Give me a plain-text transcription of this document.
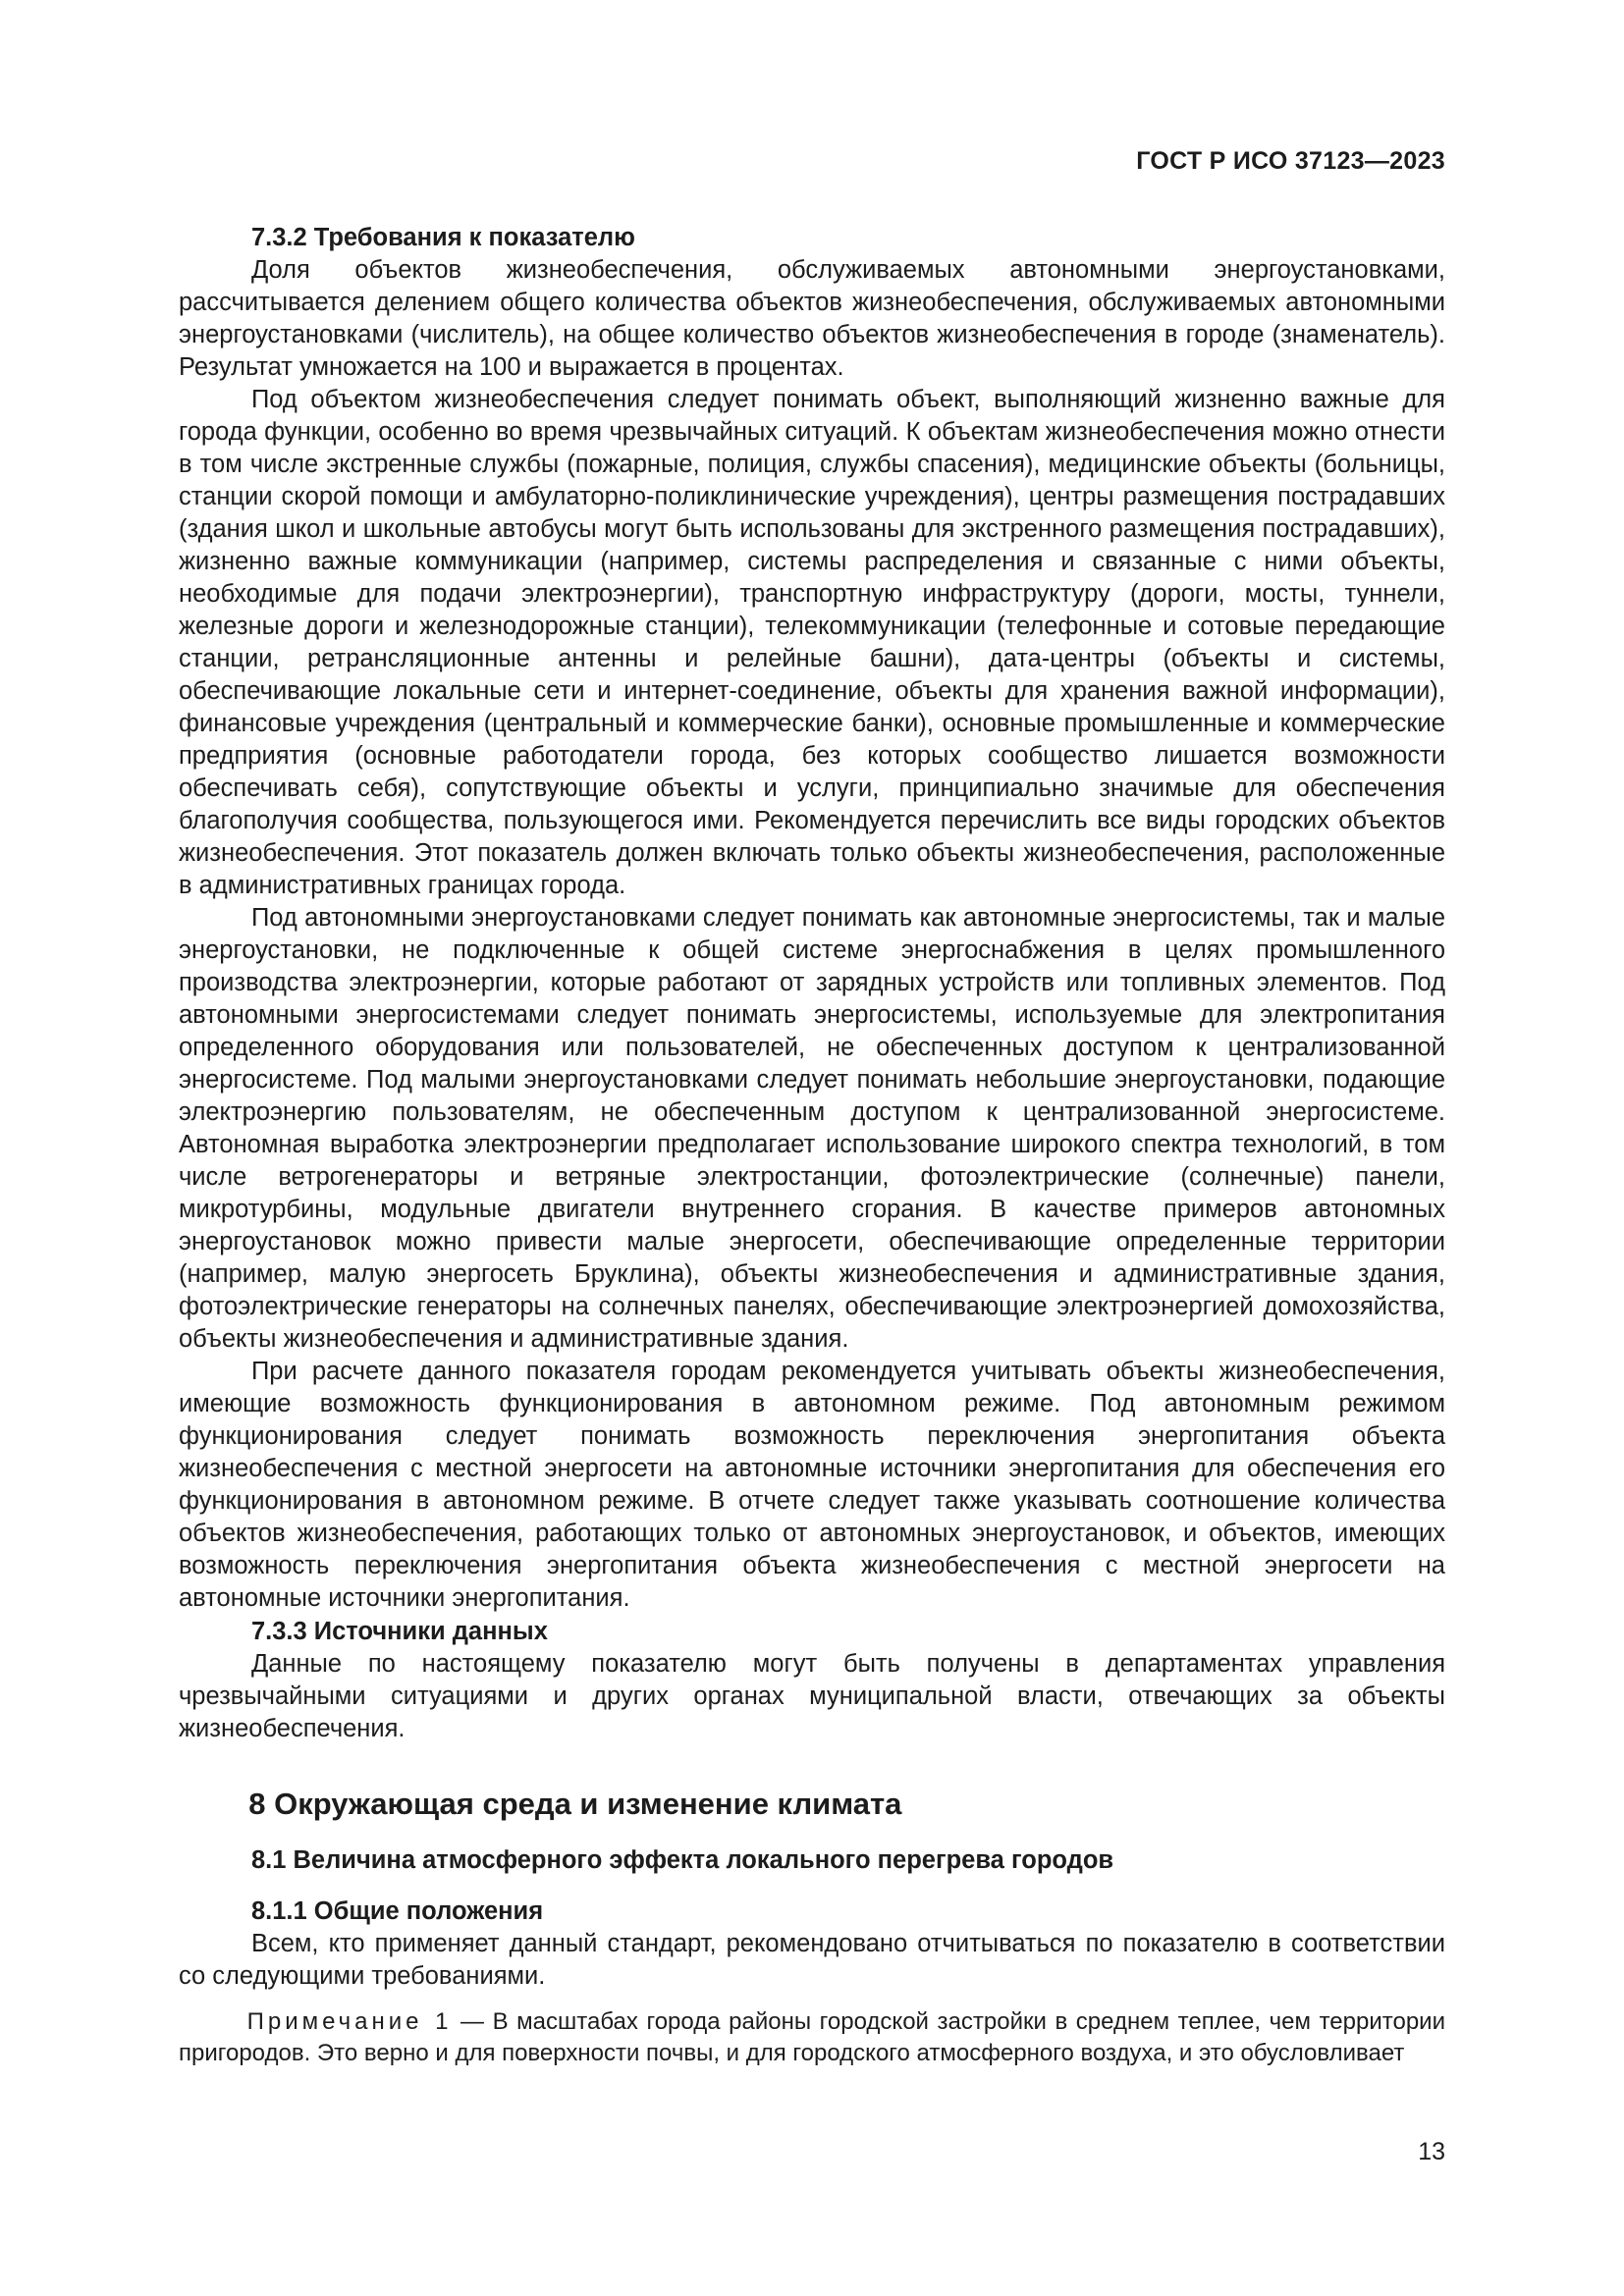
ГОСТ Р ИСО 37123—2023
7.3.2 Требования к показателю

Доля объектов жизнеобеспечения, обслуживаемых автономными энергоустановками, рассчитывается делением общего количества объектов жизнеобеспечения, обслуживаемых автономными энергоустановками (числитель), на общее количество объектов жизнеобеспечения в городе (знаменатель). Результат умножается на 100 и выражается в процентах.

Под объектом жизнеобеспечения следует понимать объект, выполняющий жизненно важные для города функции, особенно во время чрезвычайных ситуаций. К объектам жизнеобеспечения можно отнести в том числе экстренные службы (пожарные, полиция, службы спасения), медицинские объекты (больницы, станции скорой помощи и амбулаторно-поликлинические учреждения), центры размещения пострадавших (здания школ и школьные автобусы могут быть использованы для экстренного размещения пострадавших), жизненно важные коммуникации (например, системы распределения и связанные с ними объекты, необходимые для подачи электроэнергии), транспортную инфраструктуру (дороги, мосты, туннели, железные дороги и железнодорожные станции), телекоммуникации (телефонные и сотовые передающие станции, ретрансляционные антенны и релейные башни), дата-центры (объекты и системы, обеспечивающие локальные сети и интернет-соединение, объекты для хранения важной информации), финансовые учреждения (центральный и коммерческие банки), основные промышленные и коммерческие предприятия (основные работодатели города, без которых сообщество лишается возможности обеспечивать себя), сопутствующие объекты и услуги, принципиально значимые для обеспечения благополучия сообщества, пользующегося ими. Рекомендуется перечислить все виды городских объектов жизнеобеспечения. Этот показатель должен включать только объекты жизнеобеспечения, расположенные в административных границах города.

Под автономными энергоустановками следует понимать как автономные энергосистемы, так и малые энергоустановки, не подключенные к общей системе энергоснабжения в целях промышленного производства электроэнергии, которые работают от зарядных устройств или топливных элементов. Под автономными энергосистемами следует понимать энергосистемы, используемые для электропитания определенного оборудования или пользователей, не обеспеченных доступом к централизованной энергосистеме. Под малыми энергоустановками следует понимать небольшие энергоустановки, подающие электроэнергию пользователям, не обеспеченным доступом к централизованной энергосистеме. Автономная выработка электроэнергии предполагает использование широкого спектра технологий, в том числе ветрогенераторы и ветряные электростанции, фотоэлектрические (солнечные) панели, микротурбины, модульные двигатели внутреннего сгорания. В качестве примеров автономных энергоустановок можно привести малые энергосети, обеспечивающие определенные территории (например, малую энергосеть Бруклина), объекты жизнеобеспечения и административные здания, фотоэлектрические генераторы на солнечных панелях, обеспечивающие электроэнергией домохозяйства, объекты жизнеобеспечения и административные здания.

При расчете данного показателя городам рекомендуется учитывать объекты жизнеобеспечения, имеющие возможность функционирования в автономном режиме. Под автономным режимом функционирования следует понимать возможность переключения энергопитания объекта жизнеобеспечения с местной энергосети на автономные источники энергопитания для обеспечения его функционирования в автономном режиме. В отчете следует также указывать соотношение количества объектов жизнеобеспечения, работающих только от автономных энергоустановок, и объектов, имеющих возможность переключения энергопитания объекта жизнеобеспечения с местной энергосети на автономные источники энергопитания.

7.3.3 Источники данных

Данные по настоящему показателю могут быть получены в департаментах управления чрезвычайными ситуациями и других органах муниципальной власти, отвечающих за объекты жизнеобеспечения.

8 Окружающая среда и изменение климата
8.1 Величина атмосферного эффекта локального перегрева городов
8.1.1 Общие положения

Всем, кто применяет данный стандарт, рекомендовано отчитываться по показателю в соответствии со следующими требованиями.

Примечание 1 — В масштабах города районы городской застройки в среднем теплее, чем территории пригородов. Это верно и для поверхности почвы, и для городского атмосферного воздуха, и это обусловливает

13
